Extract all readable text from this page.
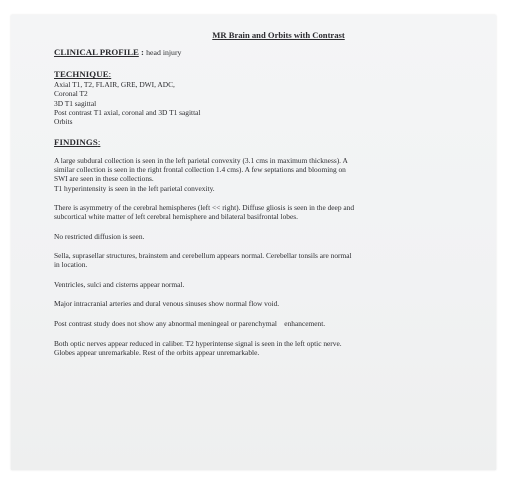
MR Brain and Orbits with Contrast
CLINICAL PROFILE : head injury
TECHNIQUE:
Axial T1, T2, FLAIR, GRE, DWI, ADC,
Coronal T2
3D T1 sagittal
Post contrast T1 axial, coronal and 3D T1 sagittal
Orbits
FINDINGS:
A large subdural collection is seen in the left parietal convexity (3.1 cms in maximum thickness). A
similar collection is seen in the right frontal collection 1.4 cms). A few septations and blooming on
SWI are seen in these collections.
T1 hyperintensity is seen in the left parietal convexity.
There is asymmetry of the cerebral hemispheres (left << right). Diffuse gliosis is seen in the deep and
subcortical white matter of left cerebral hemisphere and bilateral basifrontal lobes.
No restricted diffusion is seen.
Sella, suprasellar structures, brainstem and cerebellum appears normal. Cerebellar tonsils are normal
in location.
Ventricles, sulci and cisterns appear normal.
Major intracranial arteries and dural venous sinuses show normal flow void.
Post contrast study does not show any abnormal meningeal or parenchymal    enhancement.
Both optic nerves appear reduced in caliber. T2 hyperintense signal is seen in the left optic nerve.
Globes appear unremarkable. Rest of the orbits appear unremarkable.
